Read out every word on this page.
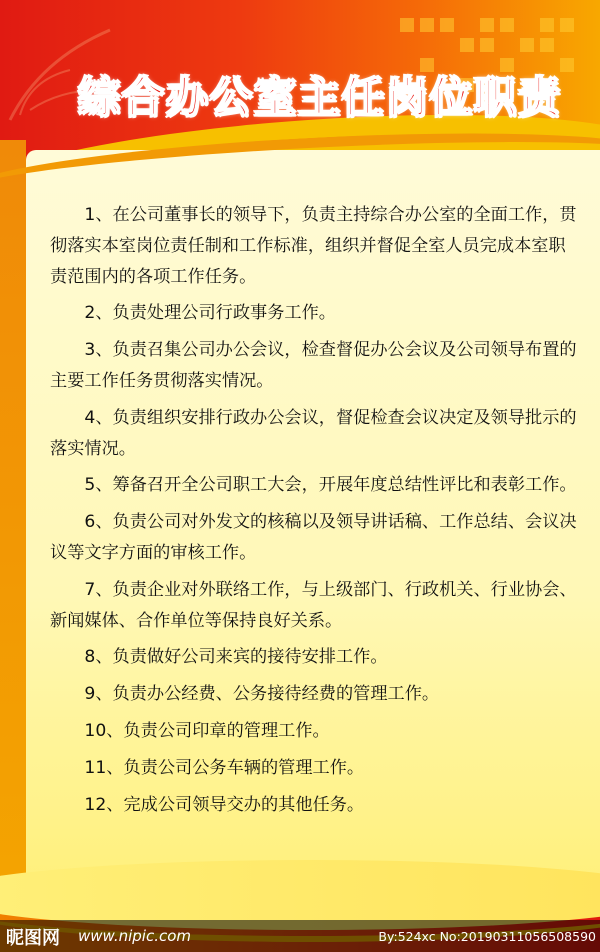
综合办公室主任岗位职责

1、在公司董事长的领导下，负责主持综合办公室的全面工作，贯彻落实本室岗位责任制和工作标准，组织并督促全室人员完成本室职责范围内的各项工作任务。

2、负责处理公司行政事务工作。

3、负责召集公司办公会议，检查督促办公会议及公司领导布置的主要工作任务贯彻落实情况。

4、负责组织安排行政办公会议，督促检查会议决定及领导批示的落实情况。

5、筹备召开全公司职工大会，开展年度总结性评比和表彰工作。

6、负责公司对外发文的核稿以及领导讲话稿、工作总结、会议决议等文字方面的审核工作。

7、负责企业对外联络工作，与上级部门、行政机关、行业协会、新闻媒体、合作单位等保持良好关系。

8、负责做好公司来宾的接待安排工作。

9、负责办公经费、公务接待经费的管理工作。

10、负责公司印章的管理工作。

11、负责公司公务车辆的管理工作。

12、完成公司领导交办的其他任务。

昵图网 www.nipic.com	By:524xc No:20190311056508590
